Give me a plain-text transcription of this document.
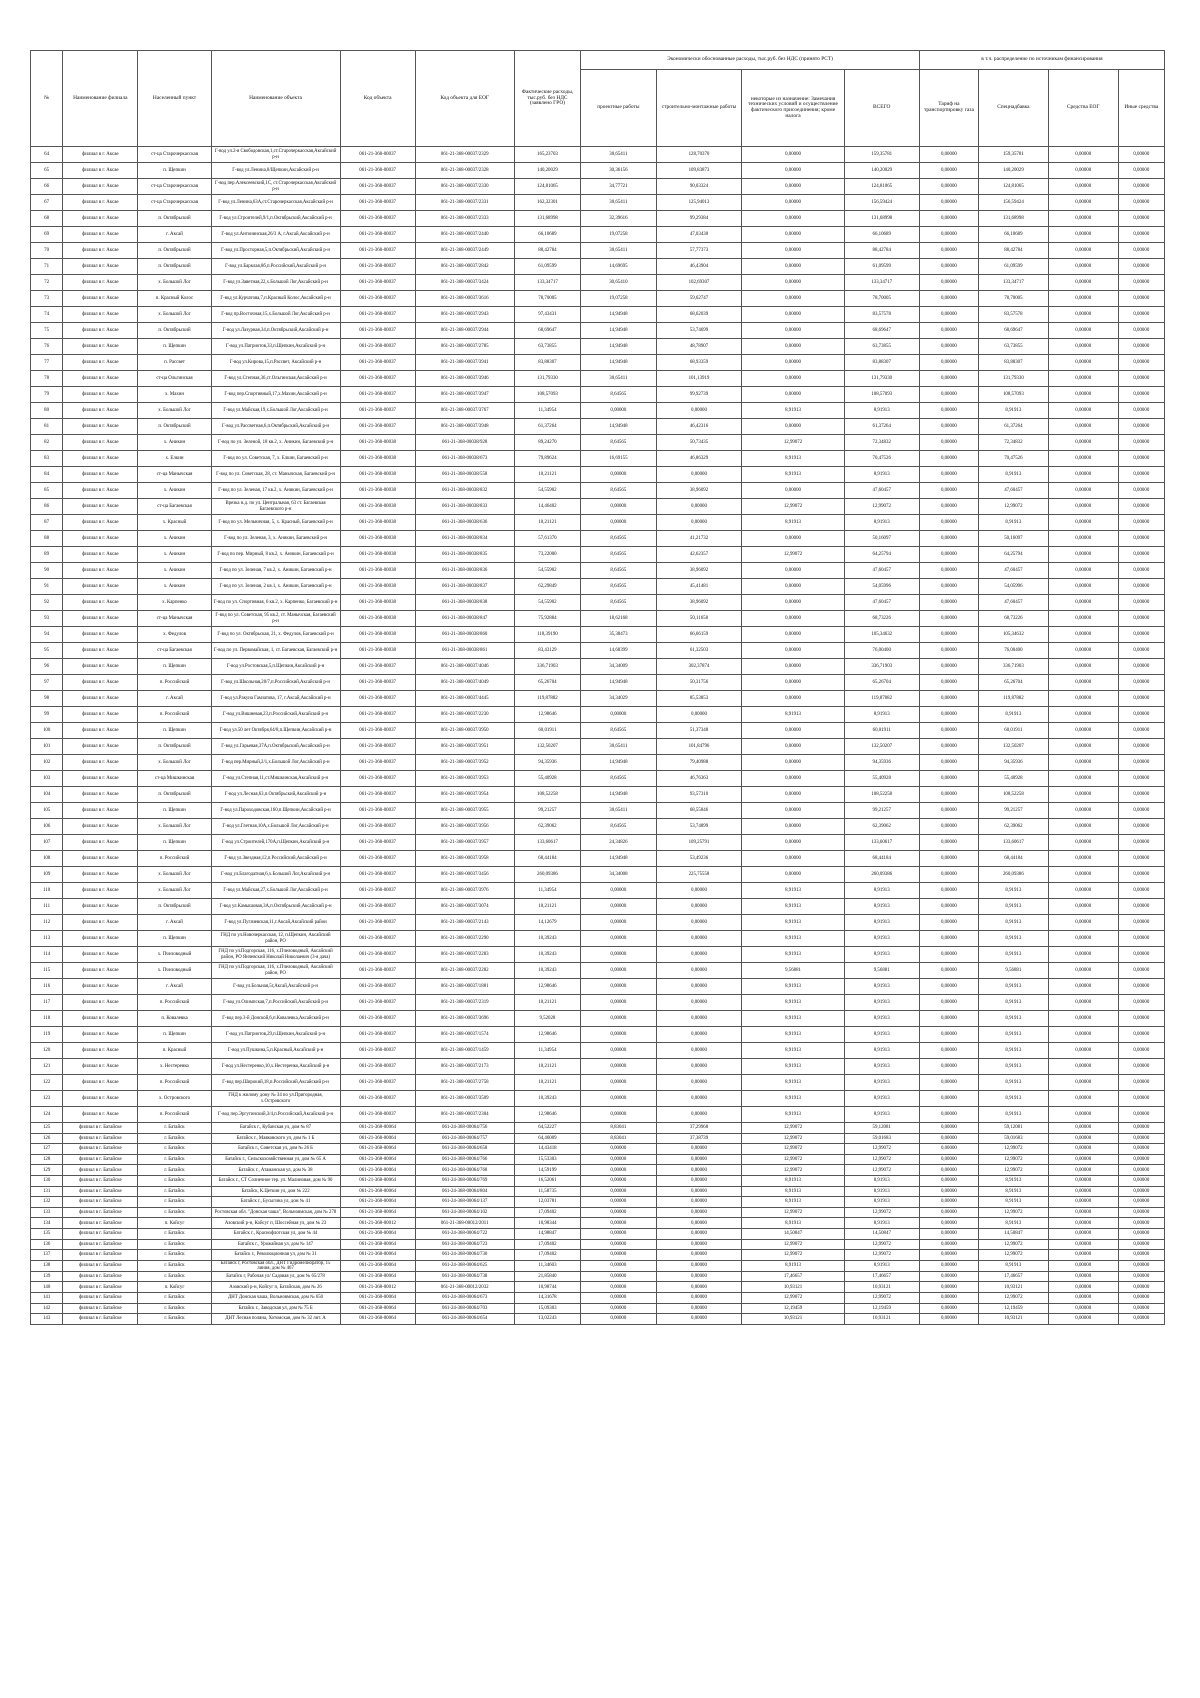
№	Наименование филиала	Населенный пункт	Наименование объекта	Код объекта	Код объекта для ЕОГ	Фактические расходы, тыс.руб. без НДС (заявлено ГРО)	Экономически обоснованные расходы, тыс.руб. без НДС (принято РСТ)				в т.ч. распределение по источникам финансирования			
							проектные работы	строительно-монтажные работы	некоторые из назначение: Замечания технических условий и осуществление фактического присоединения; кроме налога	ВСЕГО	Тариф на транспортировку газа	Спецнадбавка	Средства ЕОГ	Иные средства
64	филиал в г. Аксае	ст-ца Старочеркасская	Г-вод ул.2-я Свободовская,1,ст.Старочеркасская,Аксайский р-н	061-21-368-00037	061-21-368-00037/2329	165,23703	30,65411	128,70370	0,00000	159,35781	0,00000	159,35781	0,00000	0,00000
65	филиал в г. Аксае	п. Щепкин	Г-вод ул.Ленина,8/Щепкин,Аксайский р-н	061-21-368-00037	061-21-368-00037/2328	140,20029	30,36156	109,83873	0,00000	140,20029	0,00000	140,20029	0,00000	0,00000
66	филиал в г. Аксае	ст-ца Старочеркасская	Г-вод пер.Алексеевский,1С, ст.Старочеркасская,Аксайский р-н	061-21-368-00037	061-21-368-00037/2330	124,81065	34,77721	90,03324	0,00000	124,81065	0,00000	124,81065	0,00000	0,00000
67	филиал в г. Аксае	ст-ца Старочеркасская	Г-вод ул.Ленина,63А,ст.Старочеркасская,Аксайский р-н	061-21-368-00037	061-21-368-00037/2331	162,32301	30,65411	125,94013	0,00000	156,59424	0,00000	156,59424	0,00000	0,00000
68	филиал в г. Аксае	п. Октябрьский	Г-вод ул.Строителей,9/1,п.Октябрьский,Аксайский р-н	061-21-368-00037	061-21-368-00037/2333	131,68998	32,39616	99,29384	0,00000	131,68998	0,00000	131,68998	0,00000	0,00000
69	филиал в г. Аксае	г. Аксай	Г-вод ул.Антонинская,26/3 А, г.Аксай,Аксайский р-н	061-21-368-00037	061-21-368-00037/2440	66,10689	19,07258	47,03430	0,00000	66,10689	0,00000	66,10689	0,00000	0,00000
70	филиал в г. Аксае	п. Октябрьский	Г-вод ул.Просторная,5,п.Октябрьский,Аксайский р-н	061-21-368-00037	061-21-368-00037/2449	88,42784	30,65411	57,77373	0,00000	88,42784	0,00000	88,42784	0,00000	0,00000
71	филиал в г. Аксае	п. Октябрьский	Г-вод ул.Барклая,8б,п.Российский,Аксайский р-н	061-21-368-00037	061-21-368-00037/2842	61,09599	14,69695	46,43904	0,00000	61,09599	0,00000	61,09599	0,00000	0,00000
72	филиал в г. Аксае	х. Большой Лог	Г-вод ул.Заветная,22,х.Большой Лог,Аксайский р-н	061-21-368-00037	061-21-368-00037/3424	133,34717	30,65410	102,69307	0,00000	133,34717	0,00000	133,34717	0,00000	0,00000
73	филиал в г. Аксае	п. Красный Колос	Г-вод ул.Курчатова,7,п.Красный Колос,Аксайский р-н	061-21-368-00037	061-21-368-00037/3616	78,70005	19,07258	59,62747	0,00000	78,70005	0,00000	78,70005	0,00000	0,00000
74	филиал в г. Аксае	х. Большой Лог	Г-вод пр.Восточная,15,х.Большой Лог,Аксайский р-н	061-21-368-00037	061-21-368-00037/2943	97,43431	14,94948	68,62039	0,00000	83,57578	0,00000	83,57578	0,00000	0,00000
75	филиал в г. Аксае	п. Октябрьский	Г-вод ул.Лазурная,34,п.Октябрьский,Аксайский р-н	061-21-368-00037	061-21-368-00037/2944	68,69647	14,94948	53,74699	0,00000	68,69647	0,00000	68,69647	0,00000	0,00000
76	филиал в г. Аксае	п. Щепкин	Г-вод ул.Патриотов,33,п.Щепкин,Аксайский р-н	061-21-368-00037	061-21-368-00037/2785	63,73855	14,94948	48,78907	0,00000	63,73855	0,00000	63,73855	0,00000	0,00000
77	филиал в г. Аксае	п. Рассвет	Г-вод ул.Кирова,15,п.Рассвет, Аксайский р-н	061-21-368-00037	061-21-368-00037/3941	83,88307	14,94948	68,93359	0,00000	83,88307	0,00000	83,88307	0,00000	0,00000
78	филиал в г. Аксае	ст-ца Ольгинская	Г-вод ул.Степная,36,ст.Ольгинская,Аксайский р-н	061-21-368-00037	061-21-368-00037/3946	131,79330	30,65411	101,13919	0,00000	131,79330	0,00000	131,79330	0,00000	0,00000
79	филиал в г. Аксае	х. Махин	Г-вод пер.Спортивный,17,х.Махин,Аксайский р-н	061-21-368-00037	061-21-368-00037/3947	108,57093	8,64565	99,92739	0,00000	108,57093	0,00000	108,57093	0,00000	0,00000
80	филиал в г. Аксае	х. Большой Лог	Г-вод ул.Майская,19,х.Большой Лог,Аксайский р-н	061-21-368-00037	061-21-368-00037/3767	11,34954	0,00000	0,00000	8,91913	8,91913	0,00000	8,91913	0,00000	0,00000
81	филиал в г. Аксае	п. Октябрьский	Г-вод ул.Рассветная,6,п.Октябрьский,Аксайский р-н	061-21-368-00037	061-21-368-00037/3948	61,37264	14,94948	46,42316	0,00000	61,37264	0,00000	61,37264	0,00000	0,00000
82	филиал в г. Аксае	х. Аникин	Г-вод по ул. Зеленой, 18 кв.2, х. Аникин, Багаевский р-н	061-21-368-00038	061-21-368-00038/928	89,24270	8,64565	50,73435	12,99072	72,34832	0,00000	72,34832	0,00000	0,00000
83	филиал в г. Аксае	х. Елкин	Г-вод по ул. Советская, 7, х. Елкин, Багаевский р-н	061-21-368-00038	061-21-368-00038/673	79,89624	16,69155	46,86329	8,91913	70,47526	0,00000	70,47526	0,00000	0,00000
84	филиал в г. Аксае	ст-ца Манычская	Г-вод по ул. Советская, 28, ст. Манычская, Багаевский р-н	061-21-368-00038	061-21-368-00038/558	10,21121	0,00000	0,00000	8,91913	8,91913	0,00000	8,91913	0,00000	0,00000
85	филиал в г. Аксае	х. Аникин	Г-вод по ул. Зеленая, 17 кв.2, х. Аникин, Багаевский р-н	061-21-368-00038	061-21-368-00038/832	54,55902	8,64565	38,96092	0,00000	47,60457	0,00000	47,60457	0,00000	0,00000
86	филиал в г. Аксае	ст-ца Багаевская	Врезка н.д. по ул. Центральная, 63 ст. Багаевская Багаевского р-н	061-21-368-00038	061-21-368-00038/833	14,46402	0,00000	0,00000	12,99072	12,99072	0,00000	12,99072	0,00000	0,00000
87	филиал в г. Аксае	х. Красный	Г-вод по ул. Мельничная, 5, х. Красный, Багаевский р-н	061-21-368-00038	061-21-368-00038/636	10,21121	0,00000	0,00000	8,91913	8,91913	0,00000	8,91913	0,00000	0,00000
88	филиал в г. Аксае	х. Аникин	Г-вод по ул. Зеленая, 3, х. Аникин, Багаевский р-н	061-21-368-00038	061-21-368-00038/834	57,61370	8,64565	41,21732	0,00000	50,16097	0,00000	50,16097	0,00000	0,00000
89	филиал в г. Аксае	х. Аникин	Г-вод по пер. Мирный, 8 кв.2, х. Аникин, Багаевский р-н	061-21-368-00038	061-21-368-00038/835	73,22000	8,64565	42,62357	12,99072	64,25794	0,00000	64,25794	0,00000	0,00000
90	филиал в г. Аксае	х. Аникин	Г-вод по ул. Зеленая, 7 кв.2, х. Аникин, Багаевский р-н	061-21-368-00038	061-21-368-00038/836	54,55902	8,64565	38,96092	0,00000	47,60457	0,00000	47,60457	0,00000	0,00000
91	филиал в г. Аксае	х. Аникин	Г-вод по ул. Зеленая, 2 кв.1, х. Аникин, Багаевский р-н	061-21-368-00038	061-21-368-00038/837	62,29849	8,64565	45,41481	0,00000	54,05996	0,00000	54,05996	0,00000	0,00000
92	филиал в г. Аксае	х. Карпенко	Г-вод по ул. Спортивная, 6 кв.2, х. Карпенко, Багаевский р-н	061-21-368-00038	061-21-368-00038/838	54,55902	8,64565	38,96092	0,00000	47,60457	0,00000	47,60457	0,00000	0,00000
93	филиал в г. Аксае	ст-ца Манычская	Г-вод по ул. Советская, 95 кв.2, ст. Манычская, Багаевский р-н	061-21-368-00038	061-21-368-00038/847	75,92884	18,62168	50,11658	0,00000	68,73226	0,00000	68,73226	0,00000	0,00000
94	филиал в г. Аксае	х. Федулов	Г-вод по ул. Октябрьская, 21, х. Федулов, Багаевский р-н	061-21-368-00038	061-21-368-00038/860	118,39190	35,38473	66,66159	0,00000	105,34632	0,00000	105,34632	0,00000	0,00000
95	филиал в г. Аксае	ст-ца Багаевская	Г-вод по ул. Первомайская, 1, ст. Багаевская, Багаевский р-н	061-21-368-00038	061-21-368-00038/861	83,43129	14,68399	61,32503	0,00000	76,00400	0,00000	76,00400	0,00000	0,00000
96	филиал в г. Аксае	п. Щепкин	Г-вод ул.Ростовская,5,п.Щепкин,Аксайский р-н	061-21-368-00037	061-21-368-00037/4046	336,71903	34,34009	302,37874	0,00000	336,71903	0,00000	336,71903	0,00000	0,00000
97	филиал в г. Аксае	п. Российский	Г-вод ул.Школьная,20/7,п.Российский,Аксайский р-н	061-21-368-00037	061-21-368-00037/4049	65,26704	14,94948	50,31756	0,00000	65,26704	0,00000	65,26704	0,00000	0,00000
98	филиал в г. Аксае	г. Аксай	Г-вод ул.Ракуна Гамзатова, 17, г.Аксай,Аксайский р-н	061-21-368-00037	061-21-368-00037/4445	119,87882	34,34029	85,53853	0,00000	119,87882	0,00000	119,87882	0,00000	0,00000
99	филиал в г. Аксае	п. Российский	Г-вод ул.Вишневая,23,п.Российский,Аксайский р-н	061-21-368-00037	061-21-368-00037/2230	12,98646	0,00000	0,00000	8,91913	8,91913	0,00000	8,91913	0,00000	0,00000
100	филиал в г. Аксае	п. Щепкин	Г-вод ул.50 лет Октября,64/8,п.Щепкин,Аксайский р-н	061-21-368-00037	061-21-368-00037/3950	60,01911	8,64565	51,37348	0,00000	60,01911	0,00000	60,01911	0,00000	0,00000
101	филиал в г. Аксае	п. Октябрьский	Г-вод ул.Гарьевая,37А,п.Октябрьский,Аксайский р-н	061-21-368-00037	061-21-368-00037/3951	132,50207	30,65411	101,84796	0,00000	132,50207	0,00000	132,50207	0,00000	0,00000
102	филиал в г. Аксае	х. Большой Лог	Г-вод пер.Мирный,2/1,х.Большой Лог,Аксайский р-н	061-21-368-00037	061-21-368-00037/3952	94,35936	14,94948	79,40988	0,00000	94,35936	0,00000	94,35936	0,00000	0,00000
103	филиал в г. Аксае	ст-ца Мишкинская	Г-вод ул.Степная,11,ст.Мишкинская,Аксайский р-н	061-21-368-00037	061-21-368-00037/3953	55,40928	8,64565	46,76363	0,00000	55,40928	0,00000	55,40928	0,00000	0,00000
104	филиал в г. Аксае	п. Октябрьский	Г-вод ул.Лесная,63,п.Октябрьский,Аксайский р-н	061-21-368-00037	061-21-368-00037/3954	108,52258	14,94948	93,57310	0,00000	108,52258	0,00000	108,52258	0,00000	0,00000
105	филиал в г. Аксае	п. Щепкин	Г-вод ул.Пароходовская,160,п.Щепкин,Аксайский р-н	061-21-368-00037	061-21-368-00037/3955	99,21257	30,65411	68,55846	0,00000	99,21257	0,00000	99,21257	0,00000	0,00000
106	филиал в г. Аксае	х. Большой Лог	Г-вод ул.Глетная,10А,х.Большой Лог,Аксайский р-н	061-21-368-00037	061-21-368-00037/3956	62,39062	8,64565	53,74899	0,00000	62,39062	0,00000	62,39062	0,00000	0,00000
107	филиал в г. Аксае	п. Щепкин	Г-вод ул.Строителей,170А,п.Щепкин,Аксайский р-н	061-21-368-00037	061-21-368-00037/3957	133,60617	24,34826	109,25791	0,00000	133,60617	0,00000	133,60617	0,00000	0,00000
108	филиал в г. Аксае	п. Российский	Г-вод ул.Звездная,12,п.Российский,Аксайский р-н	061-21-368-00037	061-21-368-00037/3958	68,44184	14,94948	53,49236	0,00000	68,44184	0,00000	68,44184	0,00000	0,00000
109	филиал в г. Аксае	х. Большой Лог	Г-вод ул.Благодатная,6,х.Большой Лог,Аксайский р-н	061-21-368-00037	061-21-368-00037/3456	260,09386	34,34008	225,75558	0,00000	260,09386	0,00000	260,09386	0,00000	0,00000
110	филиал в г. Аксае	х. Большой Лог	Г-вод ул.Майская,27,х.Большой Лог,Аксайский р-н	061-21-368-00037	061-21-368-00037/3976	11,34954	0,00000	0,00000	8,91913	8,91913	0,00000	8,91913	0,00000	0,00000
111	филиал в г. Аксае	п. Октябрьский	Г-вод ул.Камышовая,3А,п.Октябрьский,Аксайский р-н	061-21-368-00037	061-21-368-00037/3074	10,21121	0,00000	0,00000	8,91913	8,91913	0,00000	8,91913	0,00000	0,00000
112	филиал в г. Аксае	г. Аксай	Г-вод ул.Пугачевская,11,г.Аксай,Аксайский район	061-21-368-00037	061-21-368-00037/2143	14,12679	0,00000	0,00000	8,91913	8,91913	0,00000	8,91913	0,00000	0,00000
113	филиал в г. Аксае	п. Щепкин	ГНД по ул.Новочеркасская, 12, п.Щепкин, Аксайский район, РО	061-21-368-00037	061-21-368-00037/2290	10,39243	0,00000	0,00000	8,91913	8,91913	0,00000	8,91913	0,00000	0,00000
114	филиал в г. Аксае	х. Пчеловодный	ГНД по ул.Подгорская, 116, х.Пчеловодный, Аксайский район, РО Янчевский Николай Николаевич (3-я дача)	061-21-368-00037	061-21-368-00037/2283	10,39243	0,00000	0,00000	8,91913	8,91913	0,00000	8,91913	0,00000	0,00000
115	филиал в г. Аксае	х. Пчеловодный	ГНД по ул.Подгорская, 116, х.Пчеловодный, Аксайский район, РО	061-21-368-00037	061-21-368-00037/2282	10,39243	0,00000	0,00000	9,56881	9,56881	0,00000	9,56881	0,00000	0,00000
116	филиал в г. Аксае	г. Аксай	Г-вод ул.Больная,5г,Аксай,Аксайский р-н	061-21-368-00037	061-21-368-00037/1881	12,98646	0,00000	0,00000	8,91913	8,91913	0,00000	8,91913	0,00000	0,00000
117	филиал в г. Аксае	п. Российский	Г-вод ул.Олимпская,7,п.Российский,Аксайский р-н	061-21-368-00037	061-21-368-00037/2319	10,21121	0,00000	0,00000	8,91913	8,91913	0,00000	8,91913	0,00000	0,00000
118	филиал в г. Аксае	п. Ковалевка	Г-вод пер.3-й Донской,6,п.Ковалевка,Аксайский р-н	061-21-368-00037	061-21-368-00037/3696	9,52028	0,00000	0,00000	8,91913	8,91913	0,00000	8,91913	0,00000	0,00000
119	филиал в г. Аксае	п. Щепкин	Г-вод ул.Патриотов,29,п.Щепкин,Аксайский р-н	061-21-368-00037	061-21-368-00037/1574	12,98646	0,00000	0,00000	8,91913	8,91913	0,00000	8,91913	0,00000	0,00000
120	филиал в г. Аксае	п. Красный	Г-вод ул.Пушкина,5,п.Красный,Аксайский р-н	061-21-368-00037	061-21-368-00037/1459	11,34954	0,00000	0,00000	8,91913	8,91913	0,00000	8,91913	0,00000	0,00000
121	филиал в г. Аксае	х. Нестеренко	Г-вод ул.Нестеренко,10,х.Нестеренко,Аксайский р-н	061-21-368-00037	061-21-368-00037/2173	10,21121	0,00000	0,00000	8,91913	8,91913	0,00000	8,91913	0,00000	0,00000
122	филиал в г. Аксае	п. Российский	Г-вод пер.Широкий,18,п.Российский,Аксайский р-н	061-21-368-00037	061-21-368-00037/2758	10,21121	0,00000	0,00000	8,91913	8,91913	0,00000	8,91913	0,00000	0,00000
123	филиал в г. Аксае	х. Островского	ГНД к жилому дому № 34 по ул.Пригородная, х.Островского	061-21-368-00037	061-21-368-00037/3509	10,39243	0,00000	0,00000	8,91913	8,91913	0,00000	8,91913	0,00000	0,00000
124	филиал в г. Аксае	п. Российский	Г-вод пер.Эргутинский,3/4,п.Российский,Аксайский р-н	061-21-368-00037	061-21-368-00037/2304	12,98646	0,00000	0,00000	8,91913	8,91913	0,00000	8,91913	0,00000	0,00000
125	филиал в г. Батайске	г. Батайск	Батайск г., Кубанская ул, дом № 87	061-21-368-00064	061-24-368-00064/756	64,52227	8,83041	37,29968	12,99072	59,12081	0,00000	59,12081	0,00000	0,00000
126	филиал в г. Батайске	г. Батайск	Батайск г., Маяковского ул, дом № 1 Б	061-21-368-00064	061-24-368-00064/757	64,46009	8,83041	37,38739	12,99072	59,01683	0,00000	59,01683	0,00000	0,00000
127	филиал в г. Батайске	г. Батайск	Батайск г., Советская ул, дом № 26 Б	061-21-368-00064	061-24-368-00064/658	14,43418	0,00000	0,00000	12,99072	12,99072	0,00000	12,99072	0,00000	0,00000
128	филиал в г. Батайске	г. Батайск	Батайск г., Сельскохозяйственная ул, дом № 65 А	061-21-368-00064	061-24-368-00064/766	15,53303	0,00000	0,00000	12,99072	12,99072	0,00000	12,99072	0,00000	0,00000
129	филиал в г. Батайске	г. Батайск	Батайск г., Атаманская ул, дом № 38	061-21-368-00064	061-24-368-00064/768	14,59199	0,00000	0,00000	12,99072	12,99072	0,00000	12,99072	0,00000	0,00000
130	филиал в г. Батайске	г. Батайск	Батайск г., СТ Солнечное тер. ул. Малиновая, дом № 90	061-21-368-00064	061-24-368-00064/769	16,52061	0,00000	0,00000	8,91913	8,91913	0,00000	8,91913	0,00000	0,00000
131	филиал в г. Батайске	г. Батайск	Батайск, К.Цеткин ул, дом № 222	061-21-368-00064	061-24-368-00064/804	11,58735	0,00000	0,00000	8,91913	8,91913	0,00000	8,91913	0,00000	0,00000
132	филиал в г. Батайске	г. Батайск	Батайск г., Бусыгина ул, дом № 41	061-21-368-00064	061-24-368-00064/137	12,03781	0,00000	0,00000	8,91913	8,91913	0,00000	8,91913	0,00000	0,00000
133	филиал в г. Батайске	г. Батайск	Ростовская обл. "Донская чаша", Вольноямская, дом № 278	061-21-368-00064	061-24-368-00064/102	17,09402	0,00000	0,00000	12,99072	12,99072	0,00000	12,99072	0,00000	0,00000
134	филиал в г. Батайске	п. Койсуг	Азовский р-н, Койсуг п, Шоссейная ул, дом № 23	061-21-368-00012	061-21-368-00012/2011	10,98344	0,00000	0,00000	8,91913	8,91913	0,00000	8,91913	0,00000	0,00000
135	филиал в г. Батайске	г. Батайск	Батайск г., Краснофлотская ул, дом № 44	061-21-368-00064	061-24-368-00064/722	14,98847	0,00000	0,00000	14,50847	14,50847	0,00000	14,50847	0,00000	0,00000
136	филиал в г. Батайске	г. Батайск	Батайск г., Урожайная ул, дом № 147	061-21-368-00064	061-24-368-00064/723	17,09402	0,00000	0,00000	12,99072	12,99072	0,00000	12,99072	0,00000	0,00000
137	филиал в г. Батайске	г. Батайск	Батайск г., Революционная ул, дом № 31	061-21-368-00064	061-24-368-00064/730	17,09402	0,00000	0,00000	12,99072	12,99072	0,00000	12,99072	0,00000	0,00000
138	филиал в г. Батайске	г. Батайск	Батайск г, Ростовская обл., ДНТ Гидромелиоратор, 15 линия, дом № 467	061-21-368-00064	061-24-368-00064/625	11,34603	0,00000	0,00000	8,91913	8,91913	0,00000	8,91913	0,00000	0,00000
139	филиал в г. Батайске	г. Батайск	Батайск г, Рабочая ул/ Садовая ул, дом № 65/278	061-21-368-00064	061-24-368-00064/738	21,85840	0,00000	0,00000	17,46657	17,46657	0,00000	17,46657	0,00000	0,00000
140	филиал в г. Батайске	п. Койсуг	Азовский р-н, Койсуг п, Батайская, дом № 26	061-21-368-00012	061-21-368-00012/2032	10,98744	0,00000	0,00000	10,93121	10,93121	0,00000	10,93121	0,00000	0,00000
141	филиал в г. Батайске	г. Батайск	ДНТ Донская чаша, Вольноямская, дом № 650	061-21-368-00064	061-24-368-00064/673	14,31678	0,00000	0,00000	12,99072	12,99072	0,00000	12,99072	0,00000	0,00000
142	филиал в г. Батайске	г. Батайск	Батайск г., Заводская ул, дом № 75 Б	061-21-368-00064	061-24-368-00064/703	15,09303	0,00000	0,00000	12,19459	12,19459	0,00000	12,19459	0,00000	0,00000
143	филиал в г. Батайске	г. Батайск	ДНТ Лесная поляна, Хотомская, дом № 32 лит. А	061-21-368-00064	061-24-368-00064/654	13,02243	0,00000	0,00000	10,93121	10,93121	0,00000	10,93121	0,00000	0,00000
